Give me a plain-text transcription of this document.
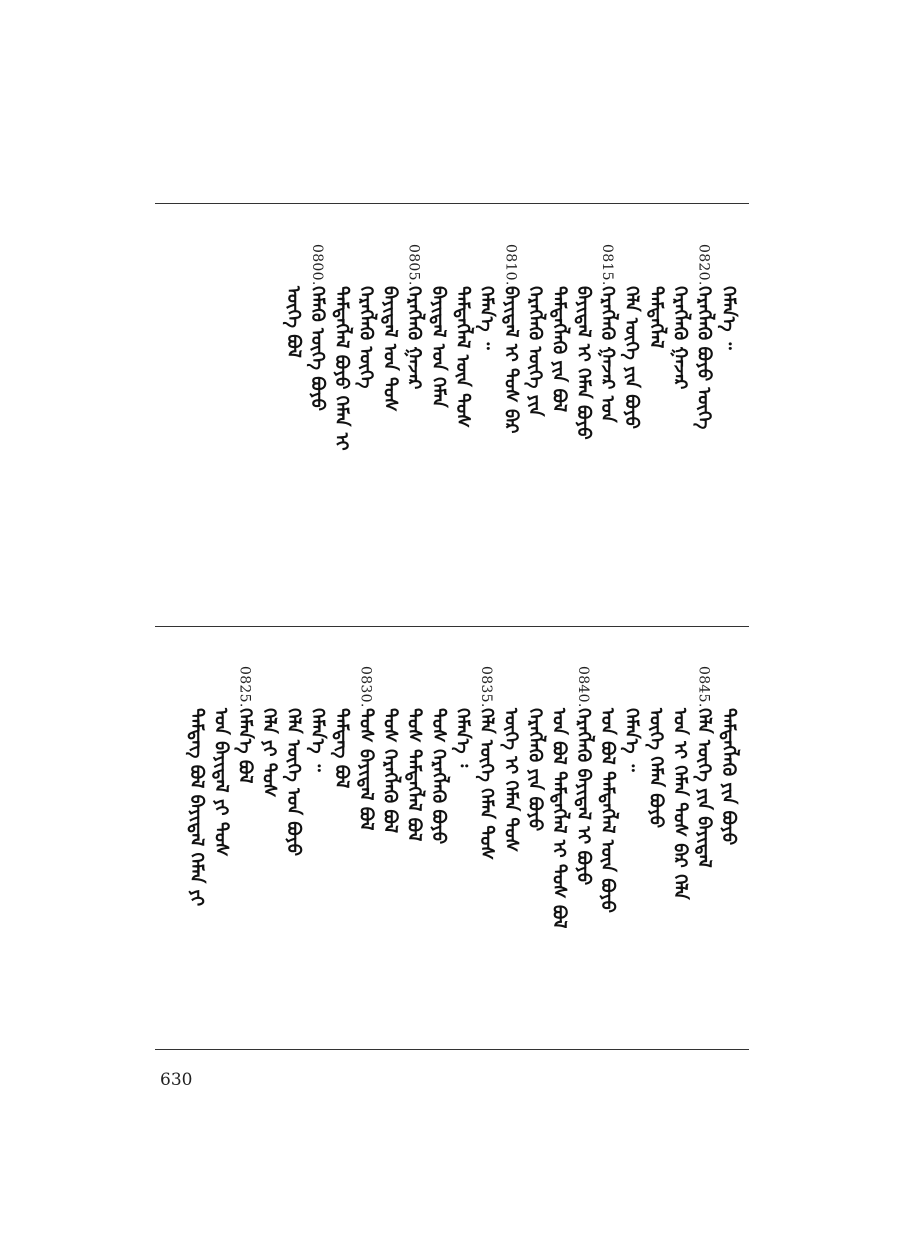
ᠬᠡᠮᠡᠨ᠎ᠡ ᠃
0820.
ᠬᠡᠷᠡᠭᠯᠡᠬᠦ ᠪᠤᠶᠤ ᠦᠭᠡ
ᠬᠡᠷᠡᠭᠯᠡᠬᠦ ᠭᠠᠵᠠᠷ
ᠲᠡᠮᠳᠡᠭᠯᠡᠯ
ᠬᠡᠯᠡ ᠦᠭᠡ ᠶᠢᠨ ᠪᠤᠶᠤ
0815.
ᠬᠡᠷᠡᠭᠯᠡᠬᠦ ᠭᠠᠵᠠᠷ ᠤᠨ
ᠪᠠᠶᠢᠳᠠᠯ ᠢ ᠬᠡᠮᠡᠨ ᠪᠤᠶᠤ
ᠲᠡᠮᠳᠡᠭᠯᠡᠬᠦ ᠶᠢᠨ ᠪᠣᠯ
ᠬᠡᠷᠡᠭᠯᠡᠬᠦ ᠦᠭᠡ ᠶᠢᠨ
0810.
ᠪᠠᠶᠢᠳᠠᠯ ᠢ ᠲᠤᠰ ᠪᠡᠷ
ᠬᠡᠮᠡᠨ᠎ᠡ ᠃
ᠲᠡᠮᠳᠡᠭᠯᠡᠯ ᠦᠨ ᠲᠤᠰ
ᠪᠠᠶᠢᠳᠠᠯ ᠤᠨ ᠬᠡᠮᠡᠨ
0805.
ᠬᠡᠷᠡᠭᠯᠡᠬᠦ ᠭᠠᠵᠠᠷ
ᠪᠠᠶᠢᠳᠠᠯ ᠤᠨ ᠲᠤᠰ
ᠬᠡᠷᠡᠭᠯᠡᠬᠦ ᠦᠭᠡ
ᠲᠡᠮᠳᠡᠭᠯᠡᠯ ᠪᠤᠶᠤ ᠬᠡᠮᠡᠨ ᠢ
0800.
ᠬᠡᠮᠡᠬᠦ ᠦᠭᠡ ᠪᠤᠶᠤ
ᠦᠭᠡ ᠪᠤᠯ
ᠲᠡᠮᠳᠡᠭᠯᠡᠬᠦ ᠶᠢᠨ ᠪᠤᠶᠤ
0845.
ᠬᠡᠯᠡ ᠦᠭᠡ ᠶᠢᠨ ᠪᠠᠶᠢᠳᠠᠯ
ᠤᠨ ᠢ ᠬᠡᠮᠡᠨ ᠲᠤᠰ ᠪᠡᠷ ᠬᠡᠯᠡ
ᠦᠭᠡ ᠬᠡᠮᠡᠨ ᠪᠤᠶᠤ
ᠬᠡᠮᠡᠨ᠎ᠡ ᠃
ᠤᠨ ᠪᠣᠯ ᠲᠡᠮᠳᠡᠭᠯᠡᠯ ᠦᠨ ᠪᠤᠶᠤ
0840.
ᠬᠡᠷᠡᠭᠯᠡᠬᠦ ᠪᠠᠶᠢᠳᠠᠯ ᠢ ᠪᠤᠶᠤ
ᠤᠨ ᠪᠣᠯ ᠲᠡᠮᠳᠡᠭᠯᠡᠯ ᠢ ᠲᠤᠰ ᠪᠤᠯ
ᠬᠡᠷᠡᠭᠯᠡᠬᠦ ᠶᠢᠨ ᠪᠤᠶᠤ
ᠦᠭᠡ ᠢ ᠬᠡᠮᠡᠨ ᠲᠤᠰ
0835.
ᠬᠡᠯᠡ ᠦᠭᠡ ᠬᠡᠮᠡᠨ ᠲᠤᠰ
ᠬᠡᠮᠡᠨ᠎ᠡ ᠄
ᠲᠤᠰ ᠬᠡᠷᠡᠭᠯᠡᠬᠦ ᠪᠤᠶᠤ
ᠲᠤᠰ ᠲᠡᠮᠳᠡᠭᠯᠡᠯ ᠪᠣᠯ
ᠲᠤᠰ ᠬᠡᠷᠡᠭᠯᠡᠬᠦ ᠪᠣᠯ
0830.
ᠲᠤᠰ ᠪᠠᠶᠢᠳᠠᠯ ᠪᠣᠯ
ᠲᠡᠮᠳᠡᠭ ᠪᠣᠯ
ᠬᠡᠮᠡᠨ᠎ᠡ ᠃
ᠬᠡᠯᠡ ᠦᠭᠡ ᠤᠨ ᠪᠤᠶᠤ
ᠬᠡᠯᠡ ᠶᠢ ᠲᠤᠰ
0825.
ᠬᠡᠮᠡᠨ᠎ᠡ ᠪᠣᠯ
ᠤᠨ ᠪᠠᠶᠢᠳᠠᠯ ᠶᠢ ᠲᠤᠰ
ᠲᠡᠮᠳᠡᠭ ᠪᠣᠯ ᠪᠠᠶᠢᠳᠠᠯ ᠬᠡᠮᠡᠨ ᠶᠢ
630
